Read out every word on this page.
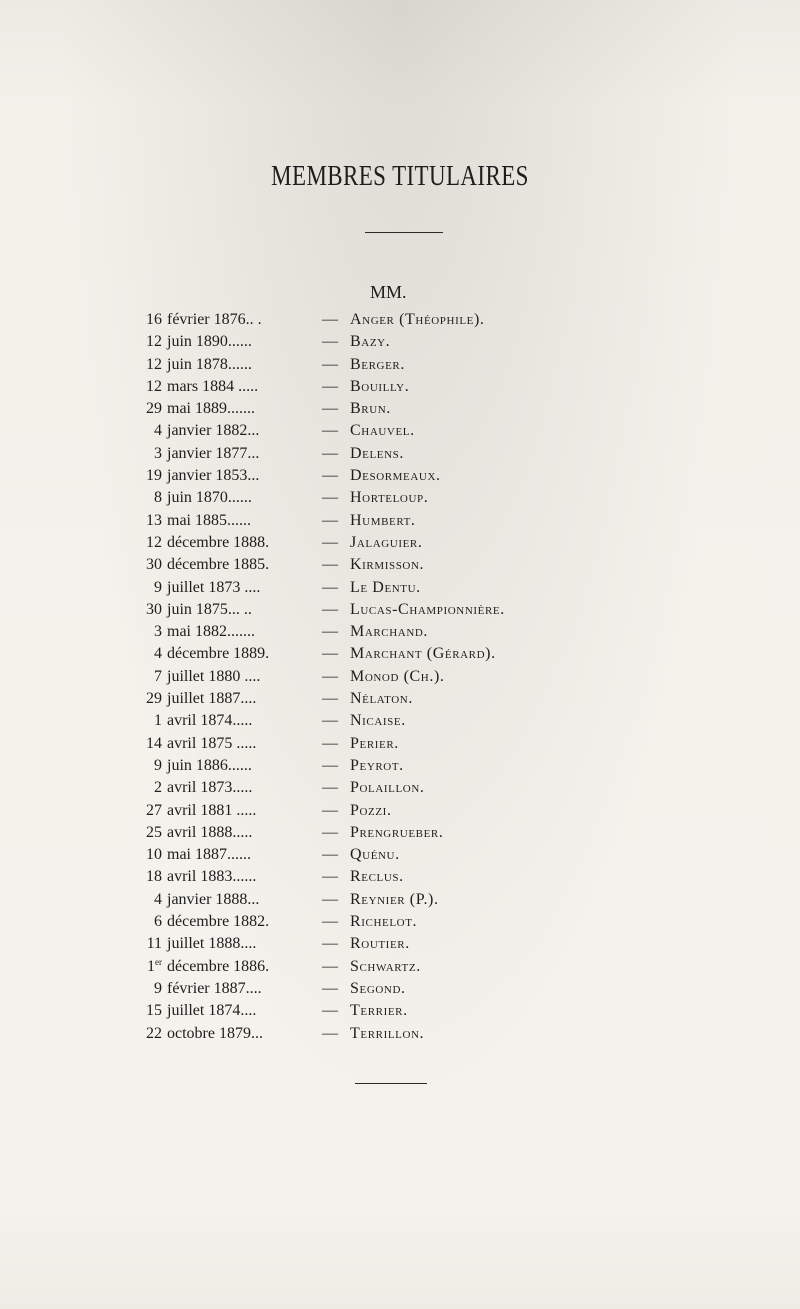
MEMBRES TITULAIRES
MM.
16 février 1876.. .	— Anger (Théophile).
12 juin 1890......	— Bazy.
12 juin 1878......	— Berger.
12 mars 1884 .....	— Bouilly.
29 mai 1889.......	— Brun.
4 janvier 1882...	— Chauvel.
3 janvier 1877...	— Delens.
19 janvier 1853...	— Desormeaux.
8 juin 1870......	— Horteloup.
13 mai 1885......	— Humbert.
12 décembre 1888.	— Jalaguier.
30 décembre 1885.	— Kirmisson.
9 juillet 1873 ....	— Le Dentu.
30 juin 1875... ..	— Lucas-Championnière.
3 mai 1882.......	— Marchand.
4 décembre 1889.	— Marchant (Gérard).
7 juillet 1880 ....	— Monod (Ch.).
29 juillet 1887....	— Nélaton.
1 avril 1874.....	— Nicaise.
14 avril 1875 .....	— Perier.
9 juin 1886......	— Peyrot.
2 avril 1873.....	— Polaillon.
27 avril 1881 .....	— Pozzi.
25 avril 1888.....	— Prengrueber.
10 mai 1887......	— Quénu.
18 avril 1883......	— Reclus.
4 janvier 1888...	— Reynier (P.).
6 décembre 1882.	— Richelot.
11 juillet 1888....	— Routier.
1er décembre 1886.	— Schwartz.
9 février 1887....	— Segond.
15 juillet 1874....	— Terrier.
22 octobre 1879...	— Terrillon.
